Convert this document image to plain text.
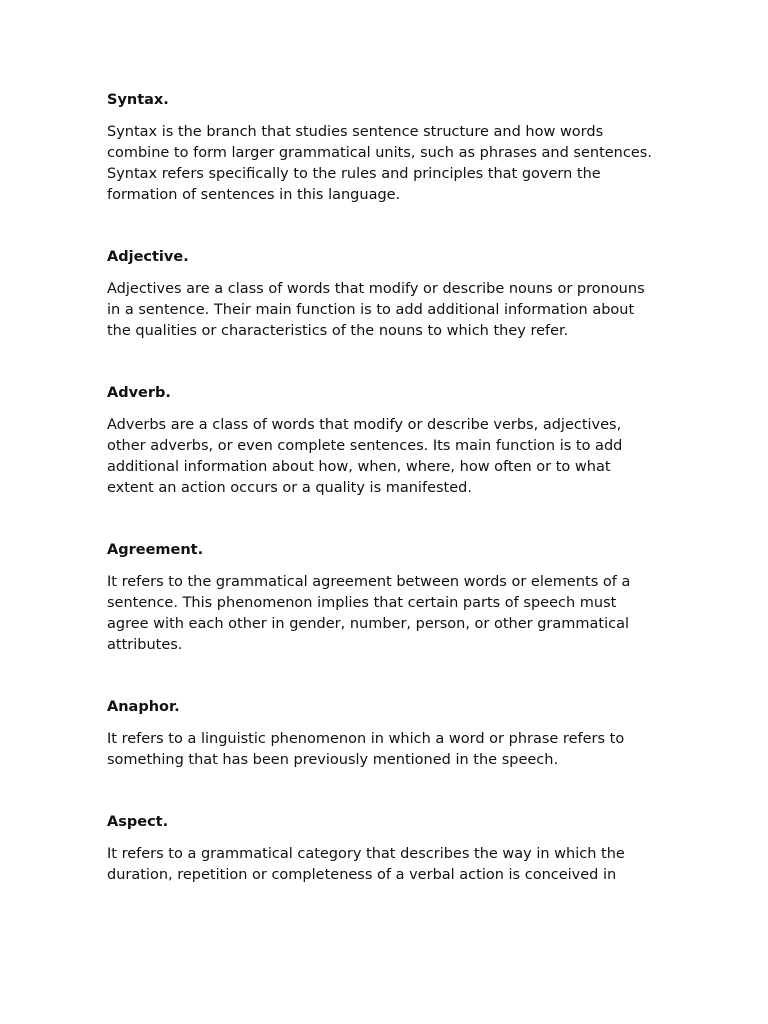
Syntax.

Syntax is the branch that studies sentence structure and how words combine to form larger grammatical units, such as phrases and sentences. Syntax refers specifically to the rules and principles that govern the formation of sentences in this language.

Adjective.

Adjectives are a class of words that modify or describe nouns or pronouns in a sentence. Their main function is to add additional information about the qualities or characteristics of the nouns to which they refer.

Adverb.

Adverbs are a class of words that modify or describe verbs, adjectives, other adverbs, or even complete sentences. Its main function is to add additional information about how, when, where, how often or to what extent an action occurs or a quality is manifested.

Agreement.

It refers to the grammatical agreement between words or elements of a sentence. This phenomenon implies that certain parts of speech must agree with each other in gender, number, person, or other grammatical attributes.

Anaphor.

It refers to a linguistic phenomenon in which a word or phrase refers to something that has been previously mentioned in the speech.

Aspect.

It refers to a grammatical category that describes the way in which the duration, repetition or completeness of a verbal action is conceived in
